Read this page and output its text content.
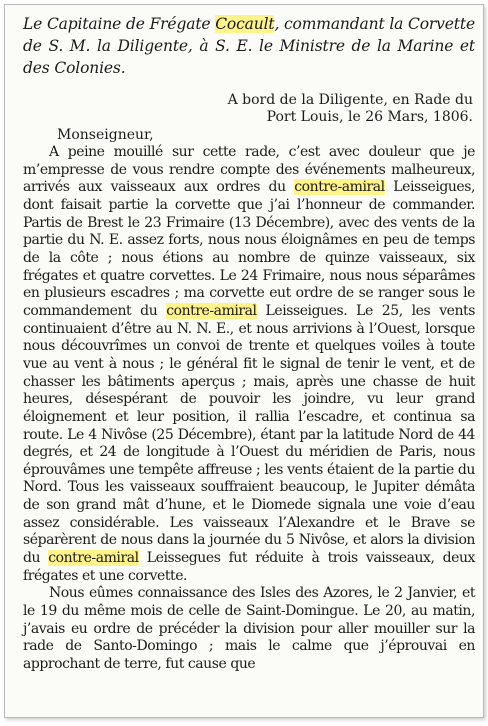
Le Capitaine de Frégate Cocault, commandant la Corvette de S. M. la Diligente, à S. E. le Ministre de la Marine et des Colonies.

A bord de la Diligente, en Rade du
Port Louis, le 26 Mars, 1806.
Monseigneur,

A peine mouillé sur cette rade, c’est avec douleur que je m’empresse de vous rendre compte des événements malheureux, arrivés aux vaisseaux aux ordres du contre-amiral Leisseigues, dont faisait partie la corvette que j’ai l’honneur de commander. Partis de Brest le 23 Frimaire (13 Décembre), avec des vents de la partie du N. E. assez forts, nous nous éloignâmes en peu de temps de la côte ; nous étions au nombre de quinze vaisseaux, six frégates et quatre corvettes. Le 24 Frimaire, nous nous séparâmes en plusieurs escadres ; ma corvette eut ordre de se ranger sous le commandement du contre-amiral Leisseigues. Le 25, les vents continuaient d’être au N. N. E., et nous arrivions à l’Ouest, lorsque nous découvrîmes un convoi de trente et quelques voiles à toute vue au vent à nous ; le général fit le signal de tenir le vent, et de chasser les bâtiments aperçus ; mais, après une chasse de huit heures, désespérant de pouvoir les joindre, vu leur grand éloignement et leur position, il rallia l’escadre, et continua sa route. Le 4 Nivôse (25 Décembre), étant par la latitude Nord de 44 degrés, et 24 de longitude à l’Ouest du méridien de Paris, nous éprouvâmes une tempête affreuse ; les vents étaient de la partie du Nord. Tous les vaisseaux souffraient beaucoup, le Jupiter démâta de son grand mât d’hune, et le Diomede signala une voie d’eau assez considérable. Les vaisseaux l’Alexandre et le Brave se séparèrent de nous dans la journée du 5 Nivôse, et alors la division du contre-amiral Leissegues fut réduite à trois vaisseaux, deux frégates et une corvette.

Nous eûmes connaissance des Isles des Azores, le 2 Janvier, et le 19 du même mois de celle de Saint-Domingue. Le 20, au matin, j’avais eu ordre de précéder la division pour aller mouiller sur la rade de Santo-Domingo ; mais le calme que j’éprouvai en approchant de terre, fut cause que
